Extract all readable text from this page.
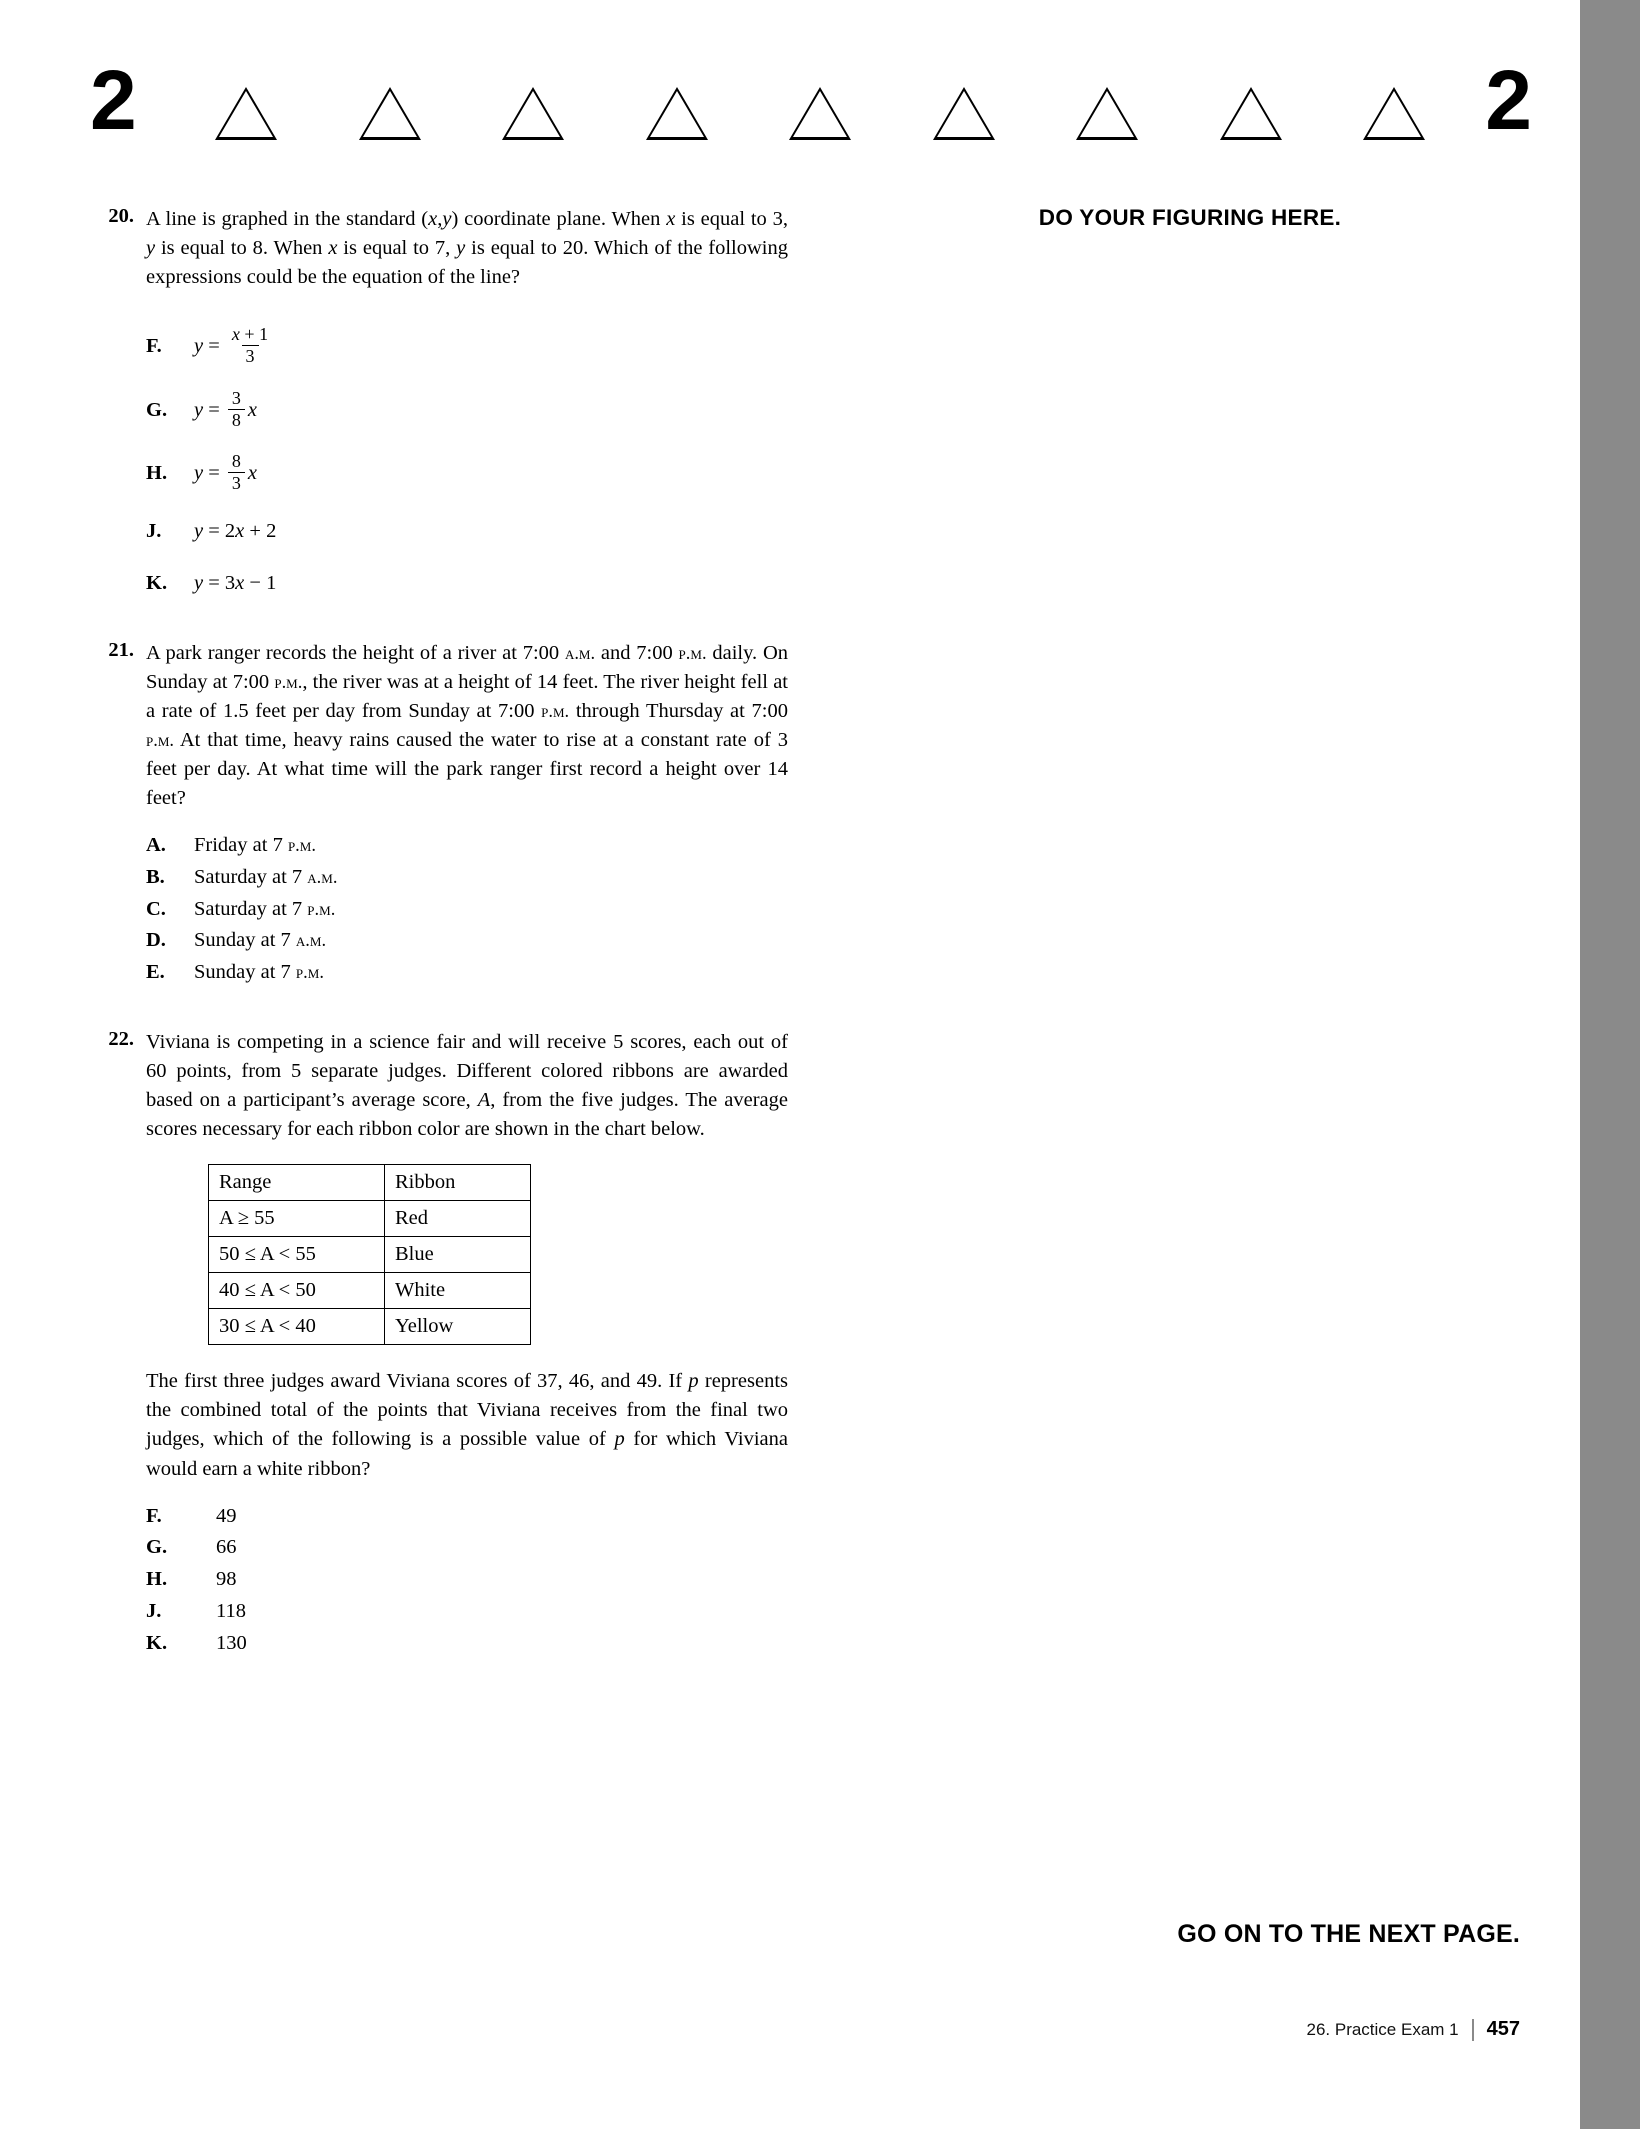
2	2
DO YOUR FIGURING HERE.
20. A line is graphed in the standard (x,y) coordinate plane. When x is equal to 3, y is equal to 8. When x is equal to 7, y is equal to 20. Which of the following expressions could be the equation of the line?
F.	$y = \frac{x + 1}{3}$
G.	$y = \frac{3}{8}$ x
H.	$y = \frac{8}{3}$ x
J.	y = 2x + 2
K.	y = 3x − 1
21. A park ranger records the height of a river at 7:00 a.m. and 7:00 p.m. daily. On Sunday at 7:00 p.m., the river was at a height of 14 feet. The river height fell at a rate of 1.5 feet per day from Sunday at 7:00 p.m. through Thursday at 7:00 p.m. At that time, heavy rains caused the water to rise at a constant rate of 3 feet per day. At what time will the park ranger first record a height over 14 feet?
A.	Friday at 7 p.m.
B.	Saturday at 7 a.m.
C.	Saturday at 7 p.m.
D.	Sunday at 7 a.m.
E.	Sunday at 7 p.m.
22. Viviana is competing in a science fair and will receive 5 scores, each out of 60 points, from 5 separate judges. Different colored ribbons are awarded based on a participant’s average score, A, from the five judges. The average scores necessary for each ribbon color are shown in the chart below.
Range	Ribbon
A ≥ 55	Red
50 ≤ A < 55	Blue
40 ≤ A < 50	White
30 ≤ A < 40	Yellow
The first three judges award Viviana scores of 37, 46, and 49. If p represents the combined total of the points that Viviana receives from the final two judges, which of the following is a possible value of p for which Viviana would earn a white ribbon?
F.	49
G.	66
H.	98
J.	118
K.	130
GO ON TO THE NEXT PAGE.
26. Practice Exam 1 457
